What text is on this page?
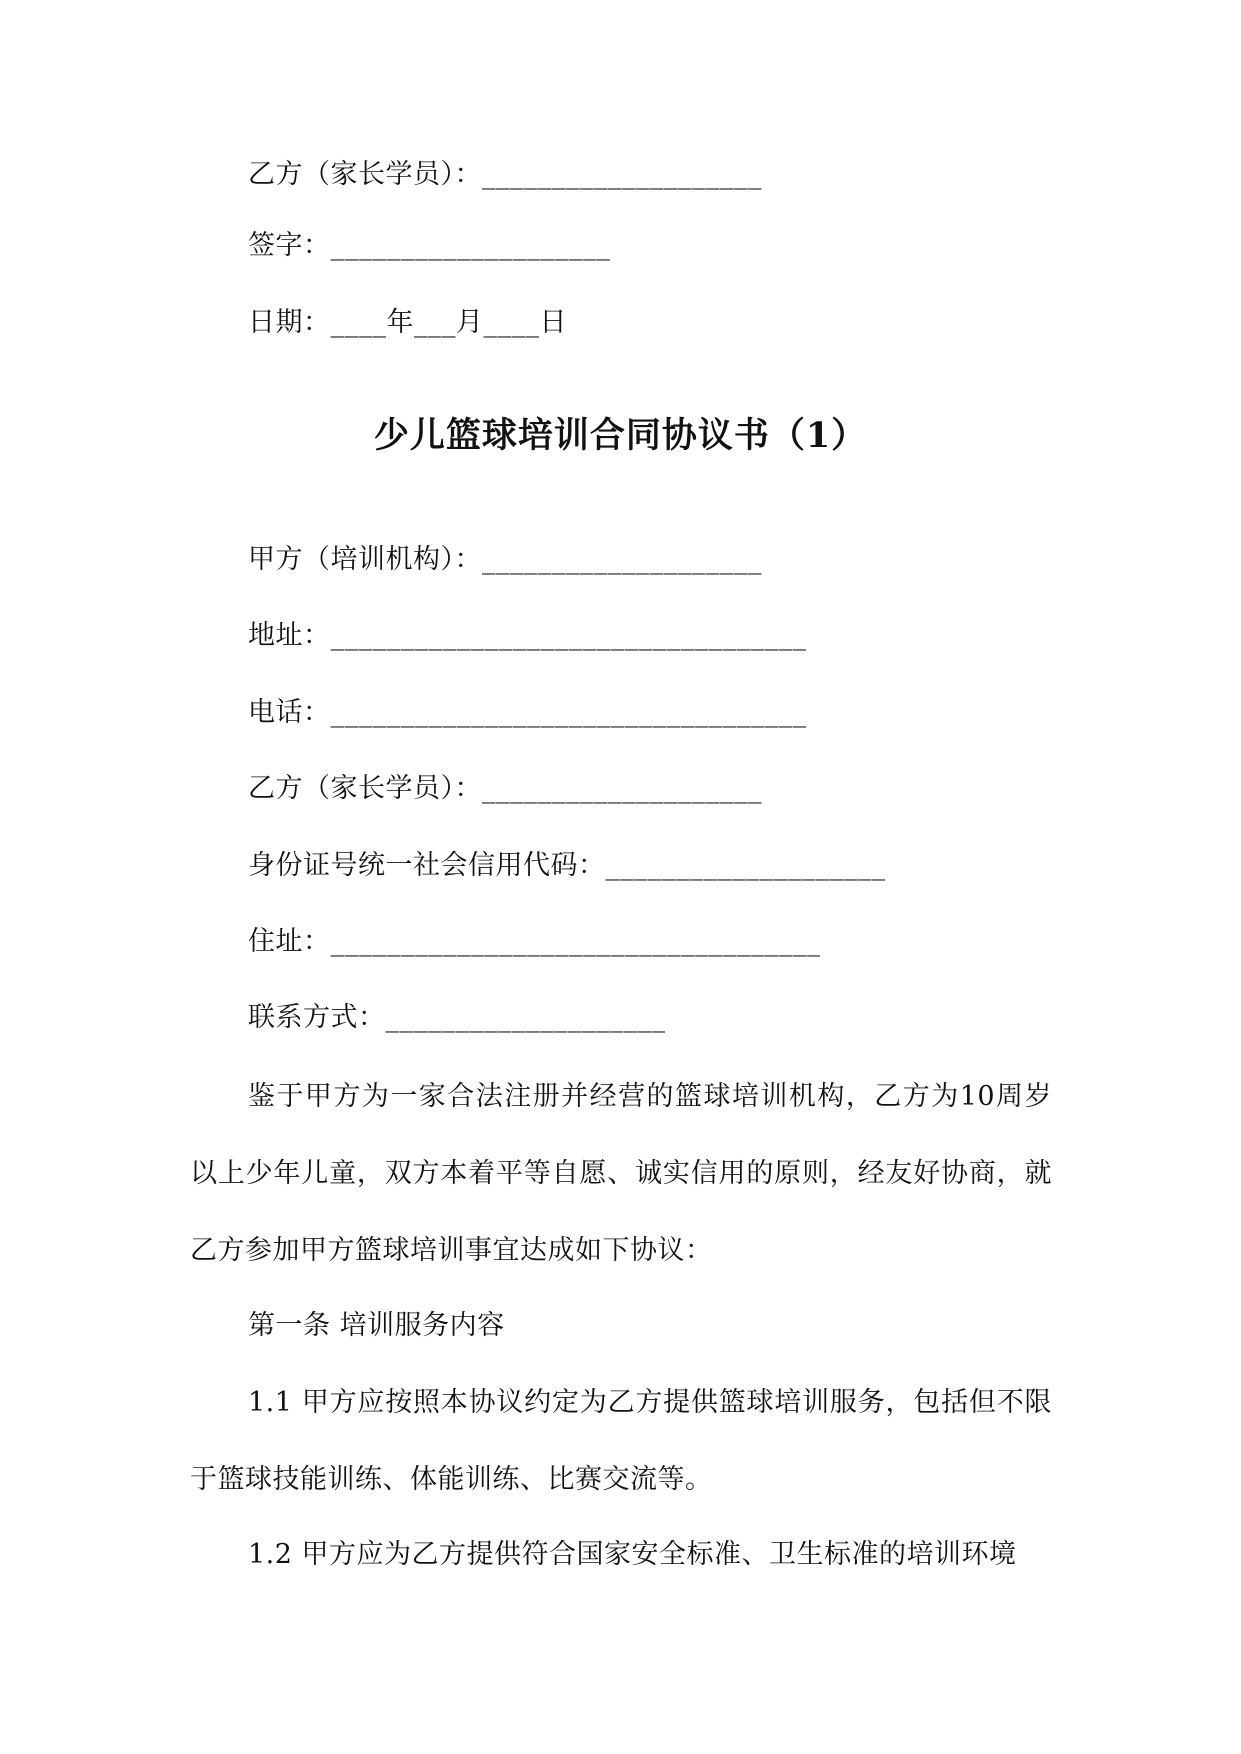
乙方（家长学员）：____________________
签字：____________________
日期：____年___月____日
少儿篮球培训合同协议书（1）
甲方（培训机构）：____________________
地址：__________________________________
电话：__________________________________
乙方（家长学员）：____________________
身份证号统一社会信用代码：____________________
住址：___________________________________
联系方式：____________________
鉴于甲方为一家合法注册并经营的篮球培训机构，乙方为10周岁以上少年儿童，双方本着平等自愿、诚实信用的原则，经友好协商，就乙方参加甲方篮球培训事宜达成如下协议：
第一条 培训服务内容
1.1 甲方应按照本协议约定为乙方提供篮球培训服务，包括但不限于篮球技能训练、体能训练、比赛交流等。
1.2 甲方应为乙方提供符合国家安全标准、卫生标准的培训环境
